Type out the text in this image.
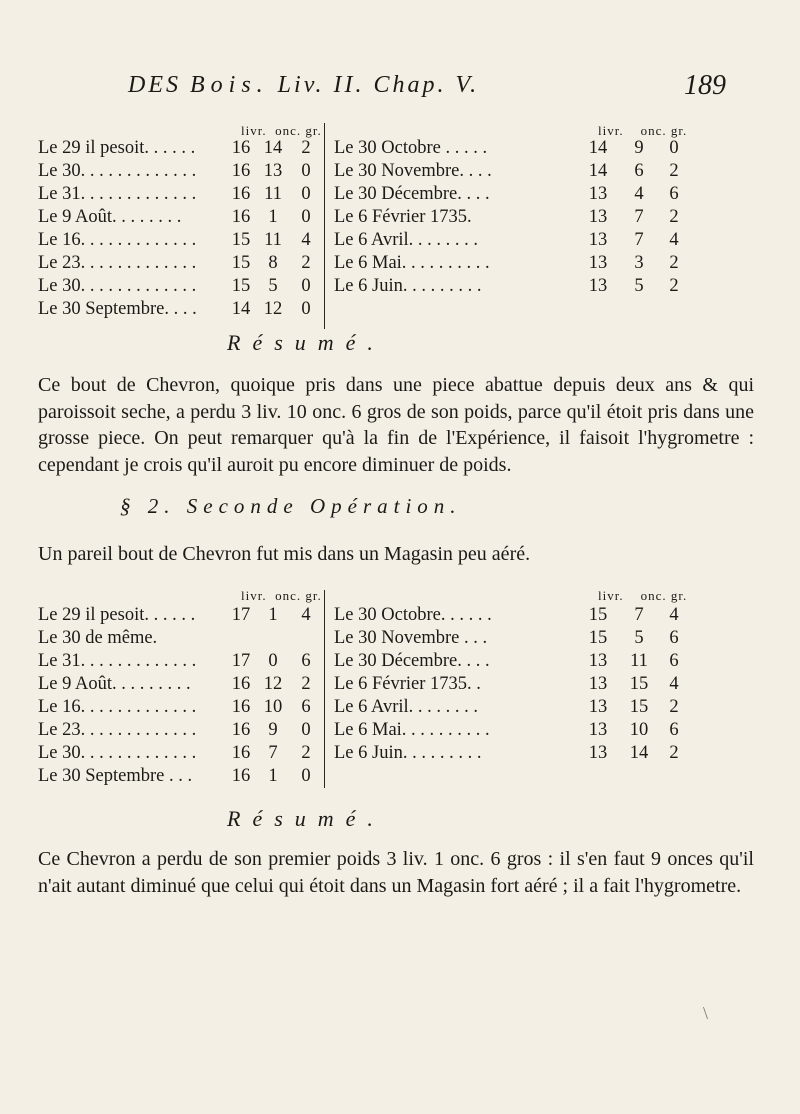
DES Bois. Liv. II. Chap. V.	189
livr. onc. gr.	livr. onc. gr.
Le 29 il pesoit. . . . . . 16 14	2
Le 30. . . . . . . . . . . . . 16 13	0
Le 31. . . . . . . . . . . . . 16 11	0
Le 9 Août. . . . . . . .	16 1	0
Le 16. . . . . . . . . . . . . 15 11	4
Le 23. . . . . . . . . . . . . 15 8	2
Le 30. . . . . . . . . . . . . 15 5	0
Le 30 Septembre. . . . 14 12	0
Le 30 Octobre . . . . .	14	9	0
Le 30 Novembre. . . .	14	6	2
Le 30 Décembre. . . .	13	4	6
Le 6 Février 1735.	13	7	2
Le 6 Avril. . . . . . . .	13	7	4
Le 6 Mai. . . . . . . . . .	13	3	2
Le 6 Juin. . . . . . . . .	13	5	2
Résumé.
Ce bout de Chevron, quoique pris dans une piece abattue depuis deux ans & qui paroissoit seche, a perdu 3 liv. 10 onc. 6 gros de son poids, parce qu'il étoit pris dans une grosse piece. On peut remarquer qu'à la fin de l'Expérience, il faisoit l'hygrometre : cependant je crois qu'il auroit pu encore diminuer de poids.
§ 2. Seconde Opération.
Un pareil bout de Chevron fut mis dans un Magasin peu aéré.
livr. onc. gr.	livr. onc. gr.
Le 29 il pesoit. . . . . . 17 1	4
Le 30 de même.
Le 31. . . . . . . . . . . . . 17 0	6
Le 9 Août. . . . . . . . . 16 12	2
Le 16. . . . . . . . . . . . . 16 10	6
Le 23. . . . . . . . . . . . . 16 9	0
Le 30. . . . . . . . . . . . . 16 7	2
Le 30 Septembre . . . 16 1	0
Le 30 Octobre. . . . . .	15	7	4
Le 30 Novembre . . .	15	5	6
Le 30 Décembre. . . .	13 11	6
Le 6 Février 1735. .	13 15	4
Le 6 Avril. . . . . . . .	13 15	2
Le 6 Mai. . . . . . . . . .	13 10	6
Le 6 Juin. . . . . . . . .	13 14	2
Résumé.
Ce Chevron a perdu de son premier poids 3 liv. 1 onc. 6 gros : il s'en faut 9 onces qu'il n'ait autant diminué que celui qui étoit dans un Magasin fort aéré ; il a fait l'hygrometre.
\
